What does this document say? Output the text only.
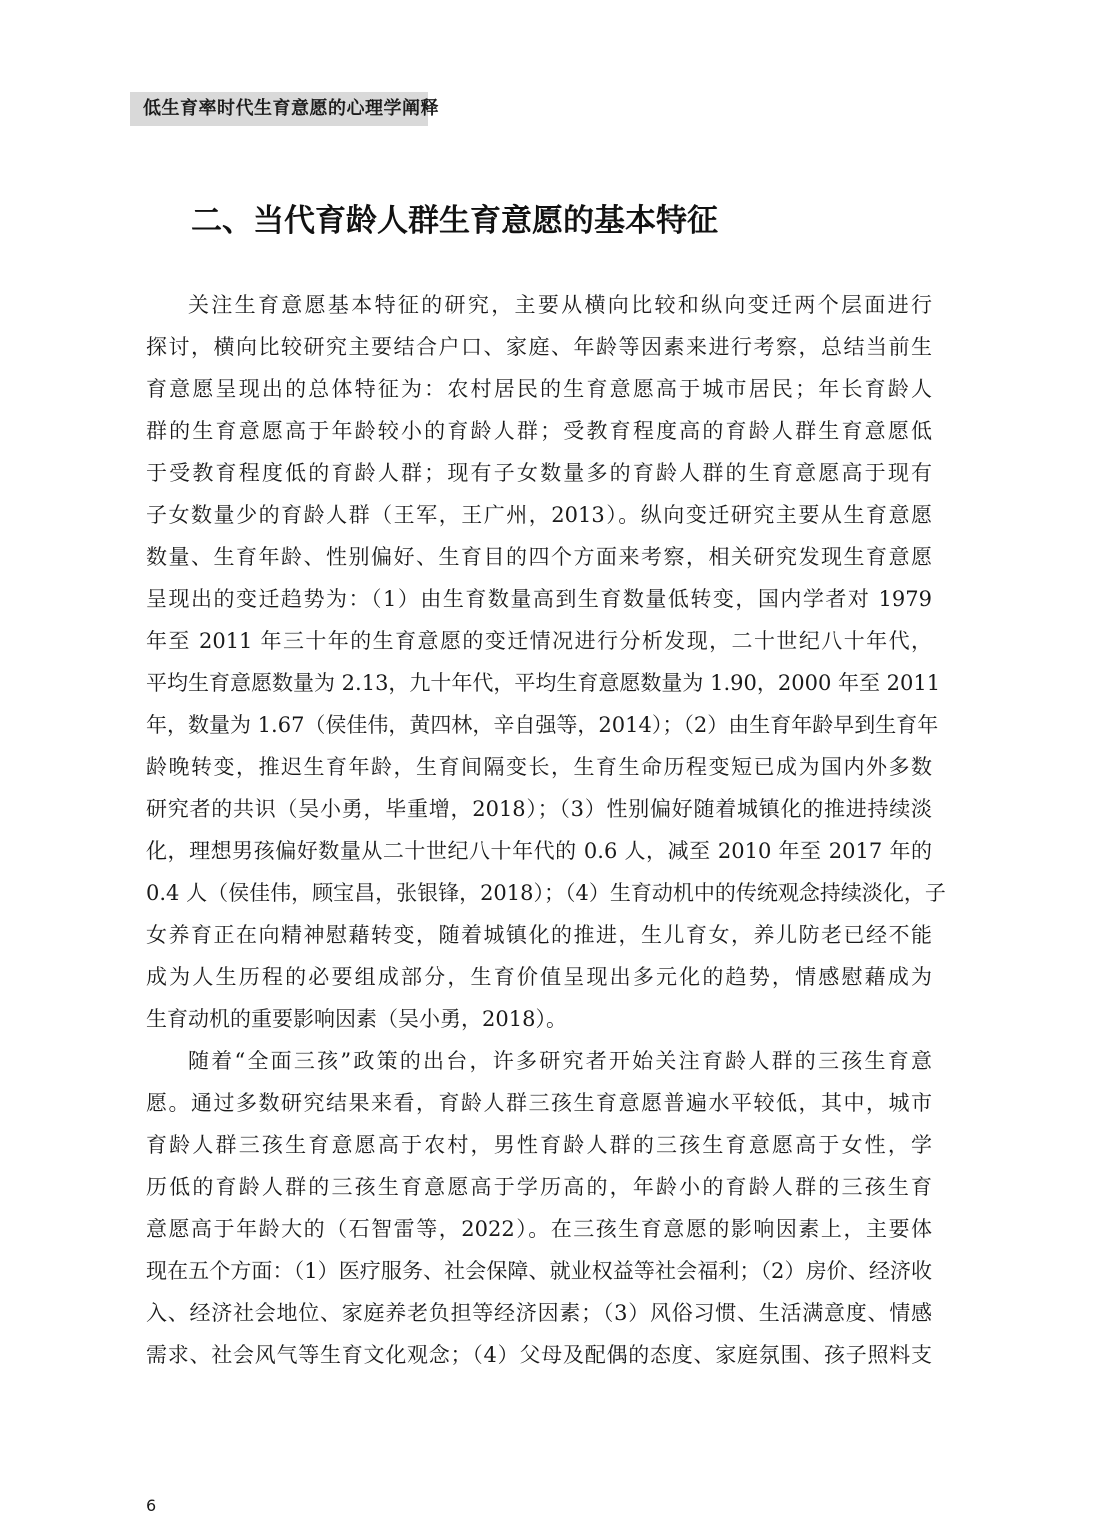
低生育率时代生育意愿的心理学阐释
二、当代育龄人群生育意愿的基本特征
关注生育意愿基本特征的研究，主要从横向比较和纵向变迁两个层面进行
探讨，横向比较研究主要结合户口、家庭、年龄等因素来进行考察，总结当前生
育意愿呈现出的总体特征为：农村居民的生育意愿高于城市居民；年长育龄人
群的生育意愿高于年龄较小的育龄人群；受教育程度高的育龄人群生育意愿低
于受教育程度低的育龄人群；现有子女数量多的育龄人群的生育意愿高于现有
子女数量少的育龄人群（王军，王广州，2013）。纵向变迁研究主要从生育意愿
数量、生育年龄、性别偏好、生育目的四个方面来考察，相关研究发现生育意愿
呈现出的变迁趋势为：（1）由生育数量高到生育数量低转变，国内学者对 1979
年至 2011 年三十年的生育意愿的变迁情况进行分析发现，二十世纪八十年代，
平均生育意愿数量为 2.13，九十年代，平均生育意愿数量为 1.90，2000 年至 2011
年，数量为 1.67（侯佳伟，黄四林，辛自强等，2014）；（2）由生育年龄早到生育年
龄晚转变，推迟生育年龄，生育间隔变长，生育生命历程变短已成为国内外多数
研究者的共识（吴小勇，毕重增，2018）；（3）性别偏好随着城镇化的推进持续淡
化，理想男孩偏好数量从二十世纪八十年代的 0.6 人，减至 2010 年至 2017 年的
0.4 人（侯佳伟，顾宝昌，张银锋，2018）；（4）生育动机中的传统观念持续淡化，子
女养育正在向精神慰藉转变，随着城镇化的推进，生儿育女，养儿防老已经不能
成为人生历程的必要组成部分，生育价值呈现出多元化的趋势，情感慰藉成为
生育动机的重要影响因素（吴小勇，2018）。
随着“全面三孩”政策的出台，许多研究者开始关注育龄人群的三孩生育意
愿。通过多数研究结果来看，育龄人群三孩生育意愿普遍水平较低，其中，城市
育龄人群三孩生育意愿高于农村，男性育龄人群的三孩生育意愿高于女性，学
历低的育龄人群的三孩生育意愿高于学历高的，年龄小的育龄人群的三孩生育
意愿高于年龄大的（石智雷等，2022）。在三孩生育意愿的影响因素上，主要体
现在五个方面：（1）医疗服务、社会保障、就业权益等社会福利；（2）房价、经济收
入、经济社会地位、家庭养老负担等经济因素；（3）风俗习惯、生活满意度、情感
需求、社会风气等生育文化观念；（4）父母及配偶的态度、家庭氛围、孩子照料支
6
